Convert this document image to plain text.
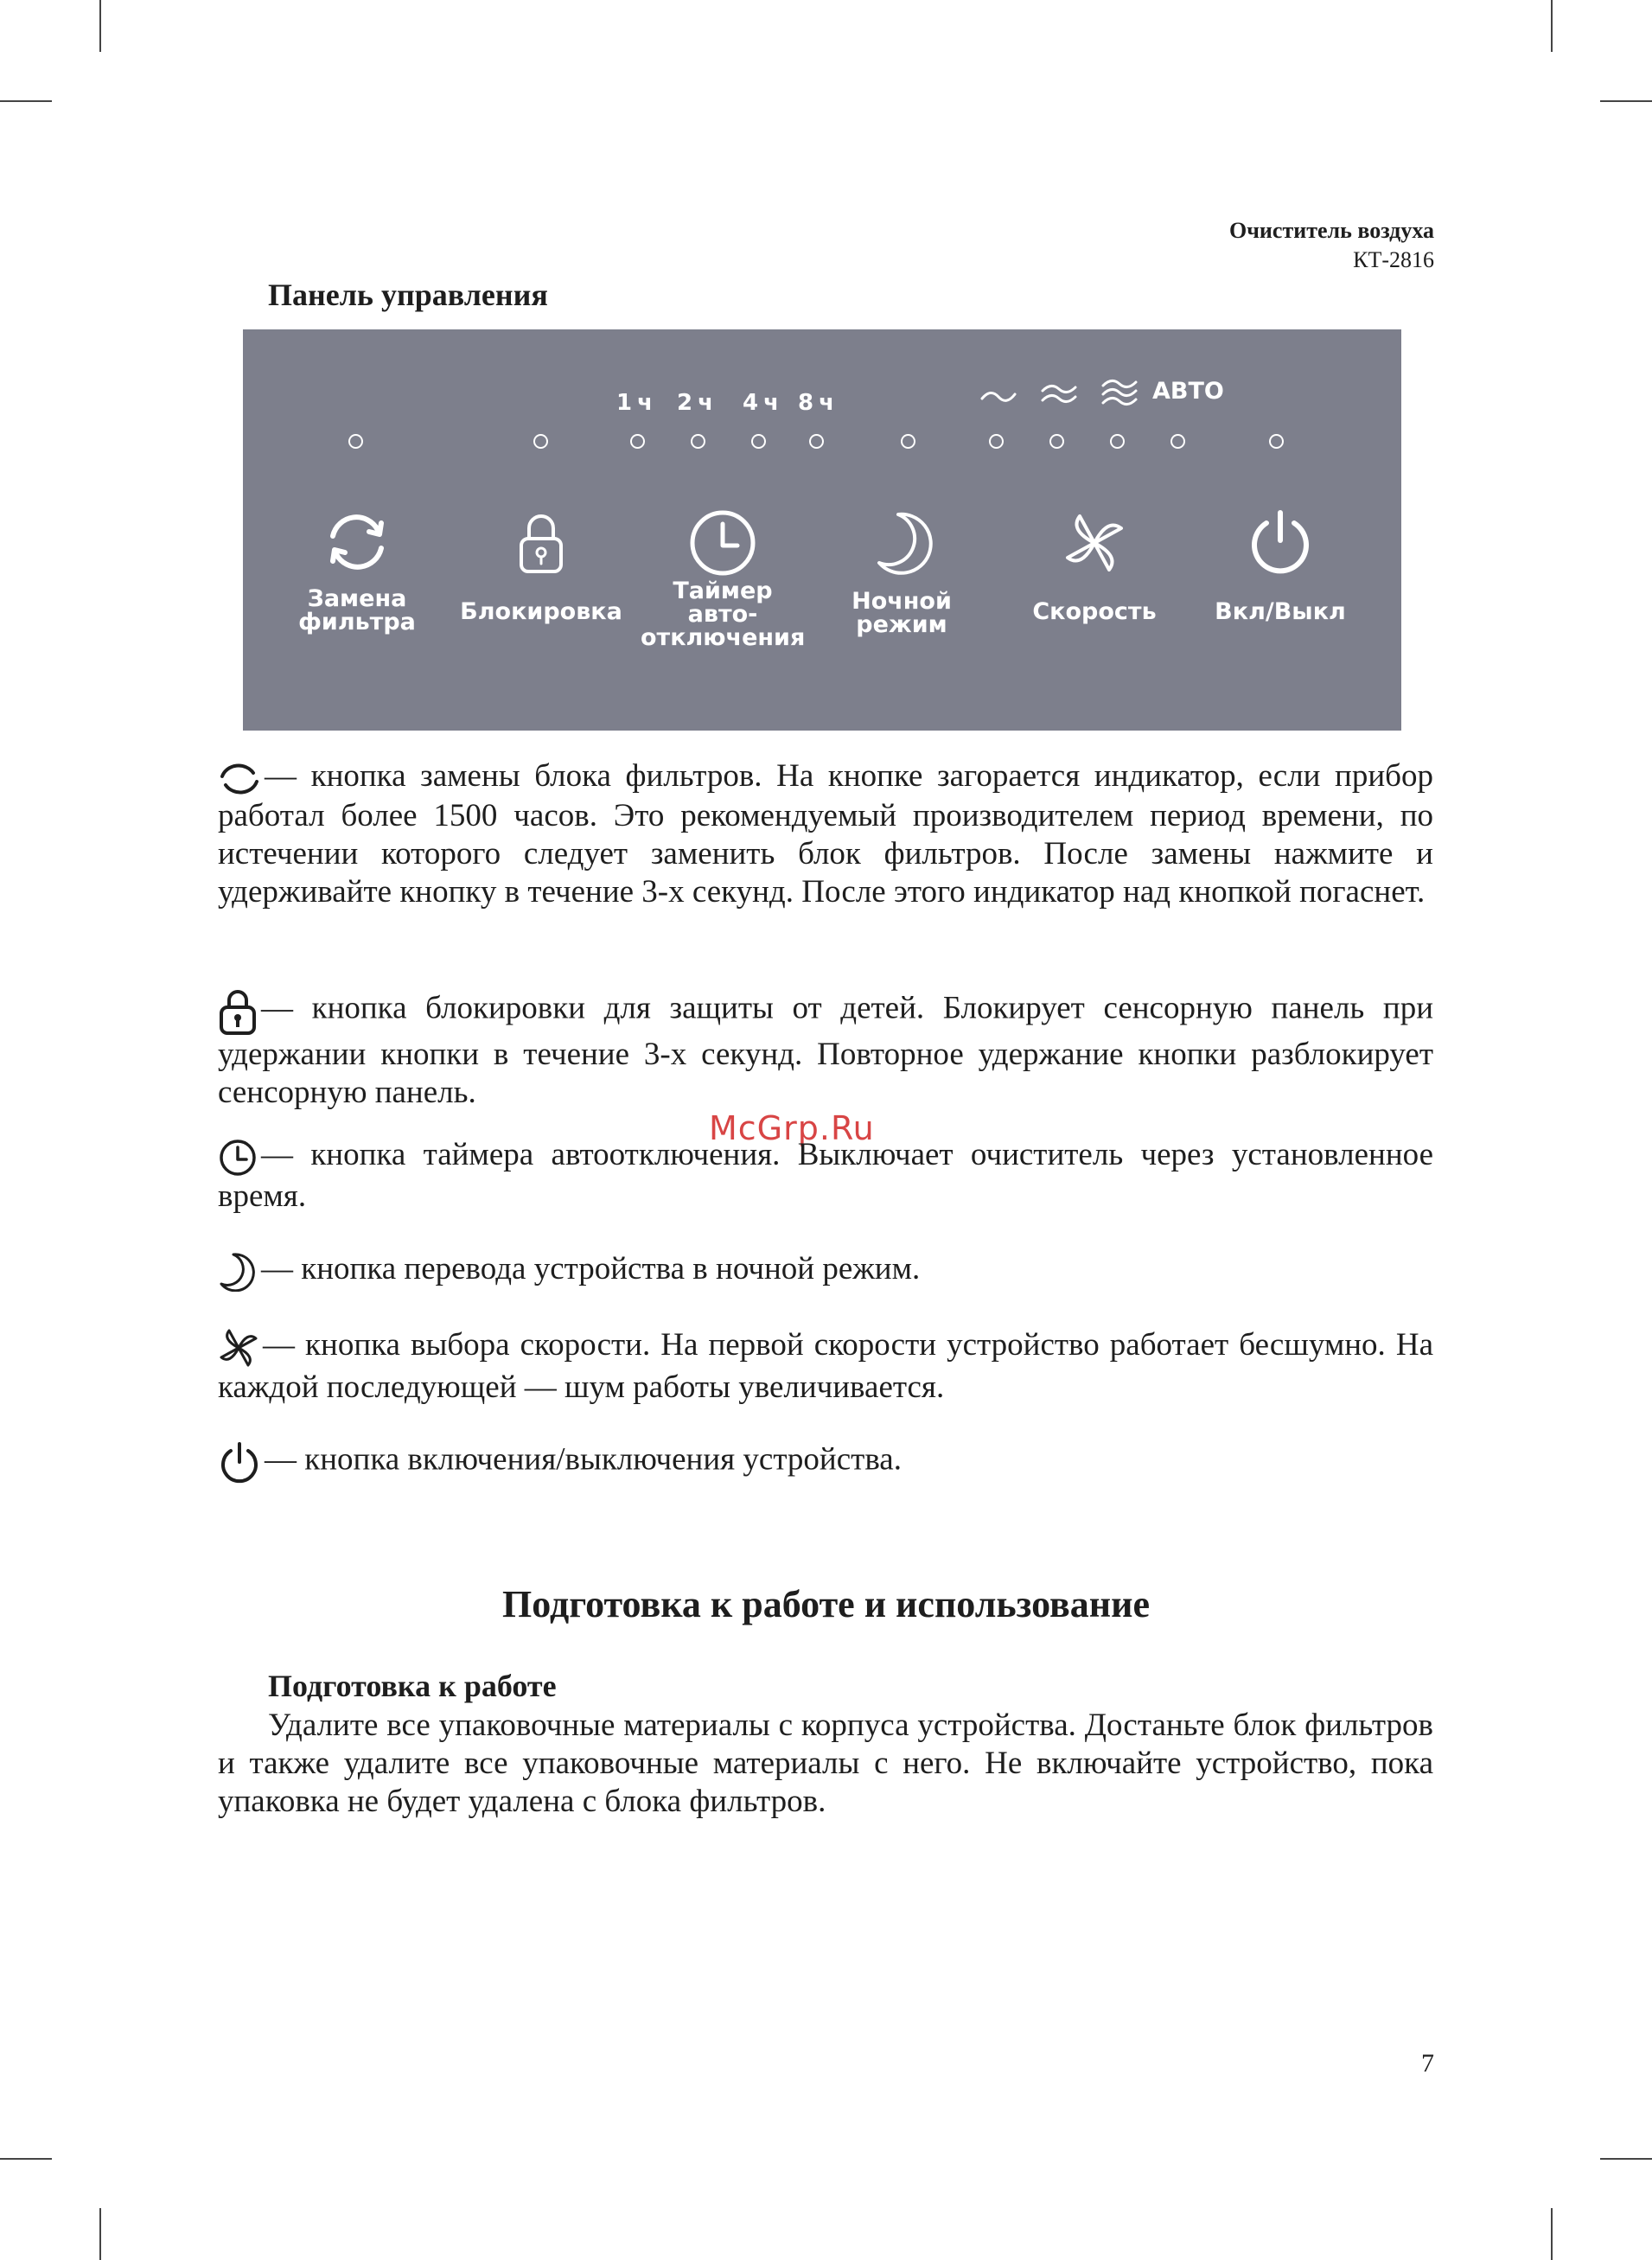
Очиститель воздуха
КТ-2816
Панель управления
1ч 2ч 4ч 8ч	АВТО
Замена
фильтра	Блокировка
Таймер
авто-
отключения
Ночной
режим	Скорость	Вкл/Выкл
— кнопка замены блока фильтров. На кнопке загорается индикатор, если прибор работал более 1500 часов. Это рекомендуемый производителем период времени, по истечении которого следует заменить блок фильтров. После замены нажмите и удерживайте кнопку в течение 3-х секунд. После этого индикатор над кнопкой погаснет.
— кнопка блокировки для защиты от детей. Блокирует сенсорную панель при удержании кнопки в течение 3-х секунд. Повторное удержание кнопки разблокирует сенсорную панель.
McGrp.Ru
— кнопка таймера автоотключения. Выключает очиститель через установленное время.
— кнопка перевода устройства в ночной режим.
— кнопка выбора скорости. На первой скорости устройство работает бесшумно. На каждой последующей — шум работы увеличивается.
— кнопка включения/выключения устройства.
Подготовка к работе и использование
Подготовка к работе
Удалите все упаковочные материалы с корпуса устройства. Достаньте блок фильтров и также удалите все упаковочные материалы с него. Не включайте устройство, пока упаковка не будет удалена с блока фильтров.
7
